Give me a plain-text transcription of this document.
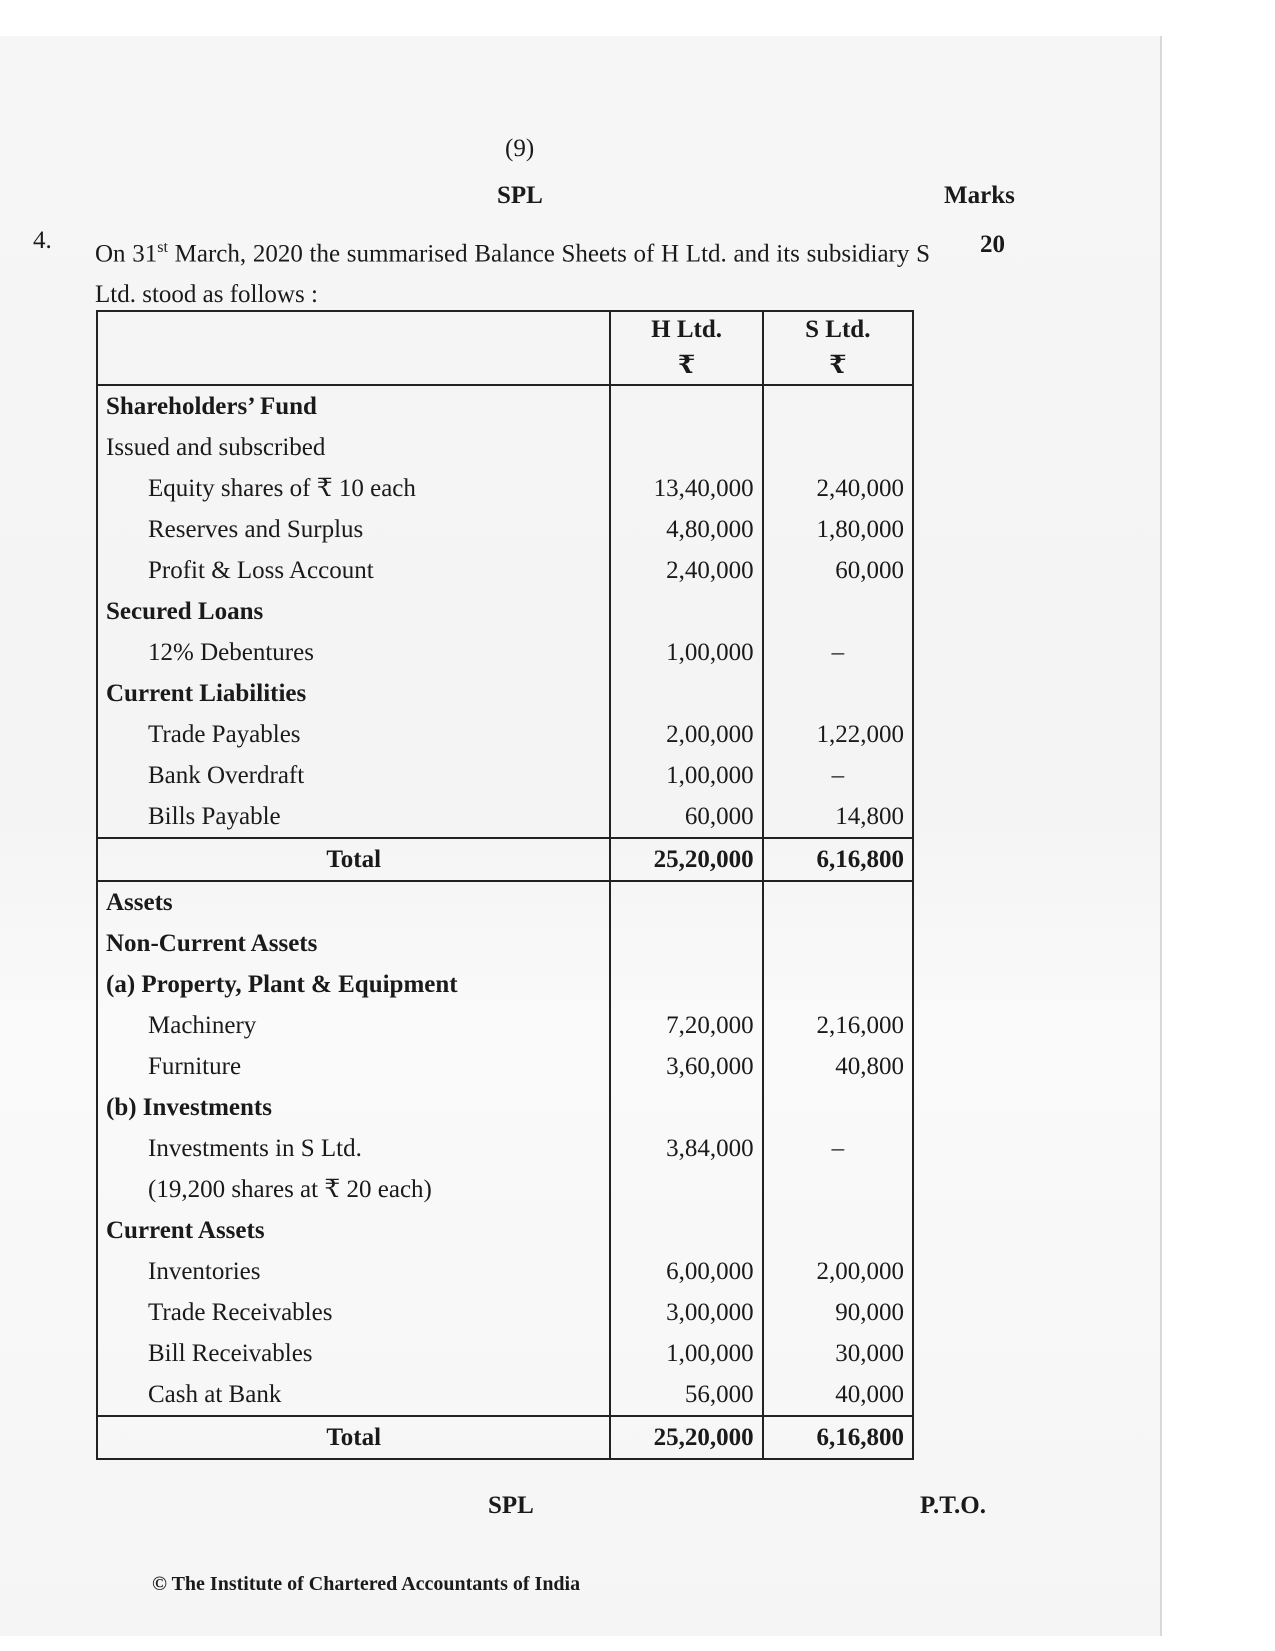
(9)
SPL	Marks
4. On 31st March, 2020 the summarised Balance Sheets of H Ltd. and its subsidiary S Ltd. stood as follows :
20
	H Ltd.	S Ltd.
	₹	₹
Shareholders’ Fund		
Issued and subscribed		
Equity shares of ₹ 10 each	13,40,000	2,40,000
Reserves and Surplus	4,80,000	1,80,000
Profit & Loss Account	2,40,000	60,000
Secured Loans		
12% Debentures	1,00,000	–
Current Liabilities		
Trade Payables	2,00,000	1,22,000
Bank Overdraft	1,00,000	–
Bills Payable	60,000	14,800
Total	25,20,000	6,16,800
Assets		
Non-Current Assets		
(a) Property, Plant & Equipment		
Machinery	7,20,000	2,16,000
Furniture	3,60,000	40,800
(b) Investments		
Investments in S Ltd.	3,84,000	–
(19,200 shares at ₹ 20 each)		
Current Assets		
Inventories	6,00,000	2,00,000
Trade Receivables	3,00,000	90,000
Bill Receivables	1,00,000	30,000
Cash at Bank	56,000	40,000
Total	25,20,000	6,16,800
SPL	P.T.O.
© The Institute of Chartered Accountants of India
